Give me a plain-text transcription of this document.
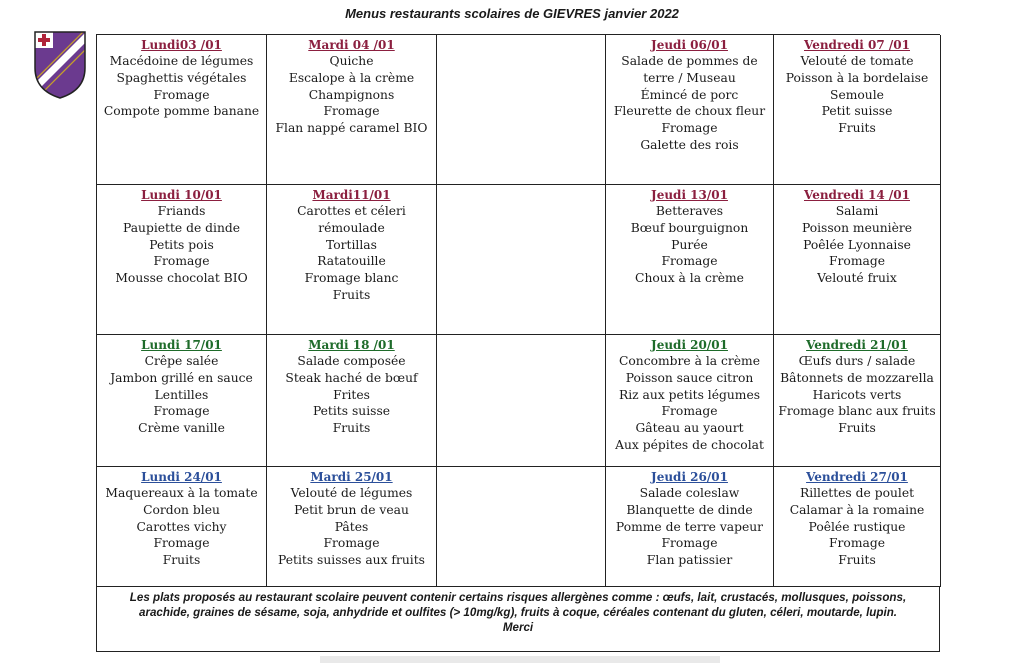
Menus restaurants scolaires de GIEVRES janvier 2022
Lundi03 /01
Macédoine de légumes
Spaghettis végétales
Fromage
Compote pomme banane
Mardi 04 /01
Quiche
Escalope à la crème
Champignons
Fromage
Flan nappé caramel BIO
Jeudi 06/01
Salade de pommes de
terre / Museau
Émincé de porc
Fleurette de choux fleur
Fromage
Galette des rois
Vendredi 07 /01
Velouté de tomate
Poisson à la bordelaise
Semoule
Petit suisse
Fruits
Lundi 10/01
Friands
Paupiette de dinde
Petits pois
Fromage
Mousse chocolat BIO
Mardi11/01
Carottes et céleri
rémoulade
Tortillas
Ratatouille
Fromage blanc
Fruits
Jeudi 13/01
Betteraves
Bœuf bourguignon
Purée
Fromage
Choux à la crème
Vendredi 14 /01
Salami
Poisson meunière
Poêlée Lyonnaise
Fromage
Velouté fruix
Lundi 17/01
Crêpe salée
Jambon grillé en sauce
Lentilles
Fromage
Crème vanille
Mardi 18 /01
Salade composée
Steak haché de bœuf
Frites
Petits suisse
Fruits
Jeudi 20/01
Concombre à la crème
Poisson sauce citron
Riz aux petits légumes
Fromage
Gâteau au yaourt
Aux pépites de chocolat
Vendredi 21/01
Œufs durs / salade
Bâtonnets de mozzarella
Haricots verts
Fromage blanc aux fruits
Fruits
Lundi 24/01
Maquereaux à la tomate
Cordon bleu
Carottes vichy
Fromage
Fruits
Mardi 25/01
Velouté de légumes
Petit brun de veau
Pâtes
Fromage
Petits suisses aux fruits
Jeudi 26/01
Salade coleslaw
Blanquette de dinde
Pomme de terre vapeur
Fromage
Flan patissier
Vendredi 27/01
Rillettes de poulet
Calamar à la romaine
Poêlée rustique
Fromage
Fruits
Les plats proposés au restaurant scolaire peuvent contenir certains risques allergènes comme : œufs, lait, crustacés, mollusques, poissons, arachide, graines de sésame, soja, anhydride et oulfites (> 10mg/kg), fruits à coque, céréales contenant du gluten, céleri, moutarde, lupin.
Merci
